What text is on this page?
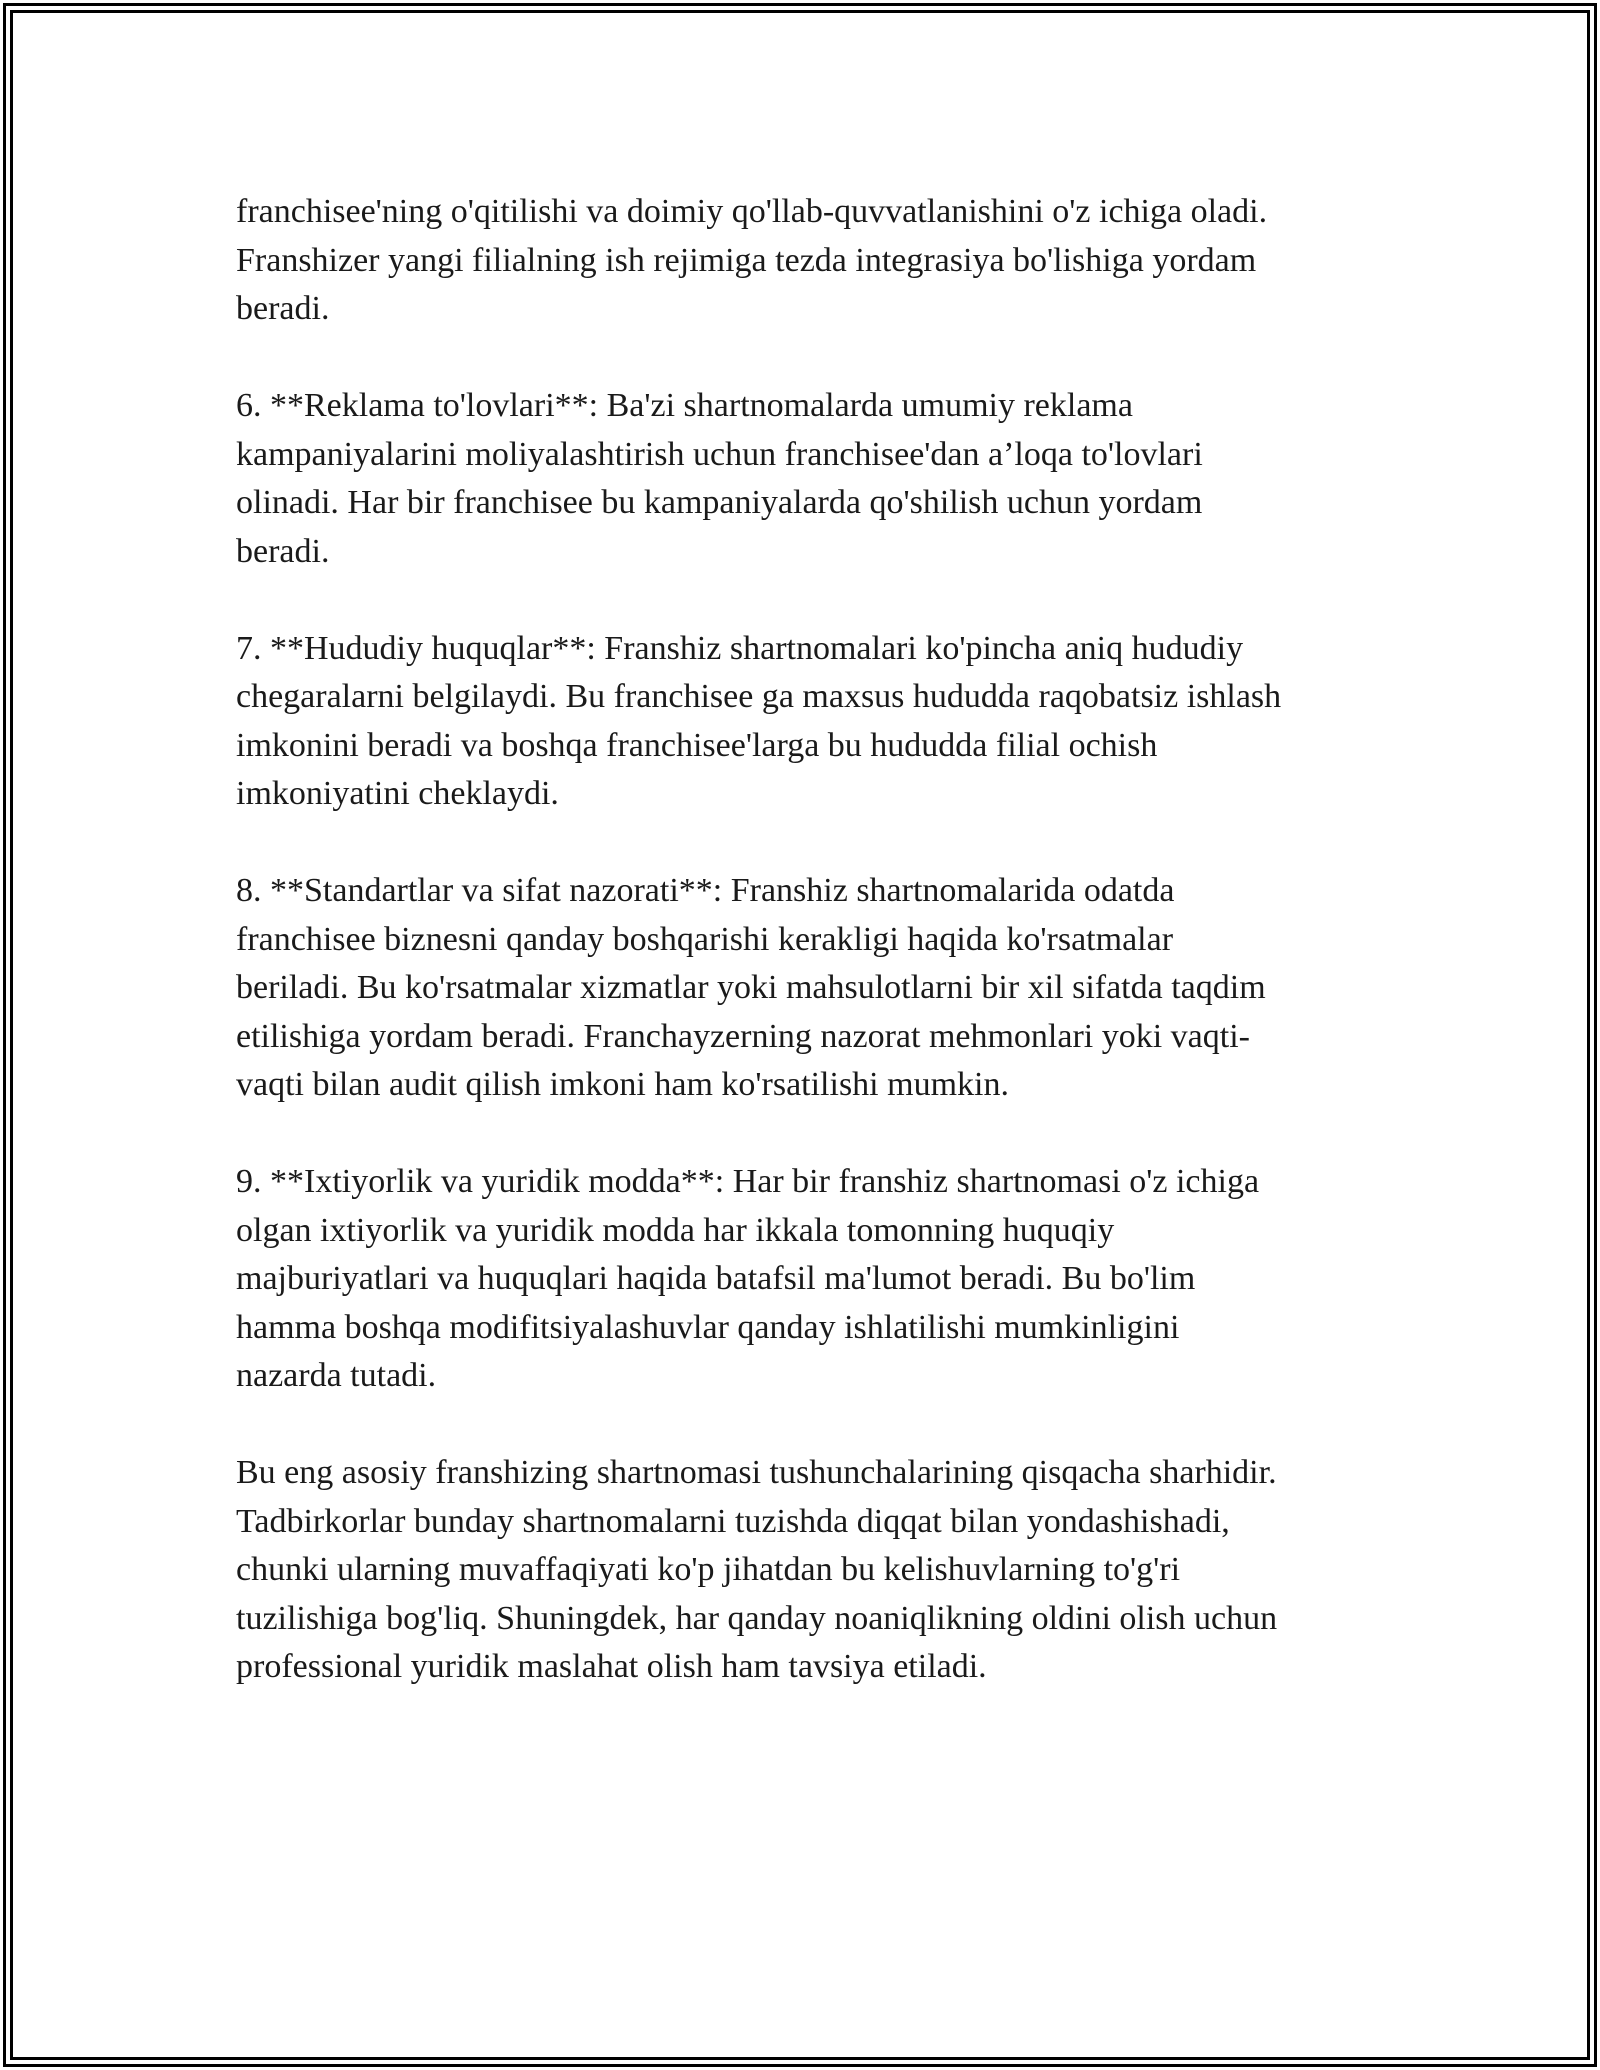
franchisee'ning o'qitilishi va doimiy qo'llab-quvvatlanishini o'z ichiga oladi.
Franshizer yangi filialning ish rejimiga tezda integrasiya bo'lishiga yordam
beradi.

6. **Reklama to'lovlari**: Ba'zi shartnomalarda umumiy reklama
kampaniyalarini moliyalashtirish uchun franchisee'dan a’loqa to'lovlari
olinadi. Har bir franchisee bu kampaniyalarda qo'shilish uchun yordam
beradi.

7. **Hududiy huquqlar**: Franshiz shartnomalari ko'pincha aniq hududiy
chegaralarni belgilaydi. Bu franchisee ga maxsus hududda raqobatsiz ishlash
imkonini beradi va boshqa franchisee'larga bu hududda filial ochish
imkoniyatini cheklaydi.

8. **Standartlar va sifat nazorati**: Franshiz shartnomalarida odatda
franchisee biznesni qanday boshqarishi kerakligi haqida ko'rsatmalar
beriladi. Bu ko'rsatmalar xizmatlar yoki mahsulotlarni bir xil sifatda taqdim
etilishiga yordam beradi. Franchayzerning nazorat mehmonlari yoki vaqti-
vaqti bilan audit qilish imkoni ham ko'rsatilishi mumkin.

9. **Ixtiyorlik va yuridik modda**: Har bir franshiz shartnomasi o'z ichiga
olgan ixtiyorlik va yuridik modda har ikkala tomonning huquqiy
majburiyatlari va huquqlari haqida batafsil ma'lumot beradi. Bu bo'lim
hamma boshqa modifitsiyalashuvlar qanday ishlatilishi mumkinligini
nazarda tutadi.

Bu eng asosiy franshizing shartnomasi tushunchalarining qisqacha sharhidir.
Tadbirkorlar bunday shartnomalarni tuzishda diqqat bilan yondashishadi,
chunki ularning muvaffaqiyati ko'p jihatdan bu kelishuvlarning to'g'ri
tuzilishiga bog'liq. Shuningdek, har qanday noaniqlikning oldini olish uchun
professional yuridik maslahat olish ham tavsiya etiladi.
